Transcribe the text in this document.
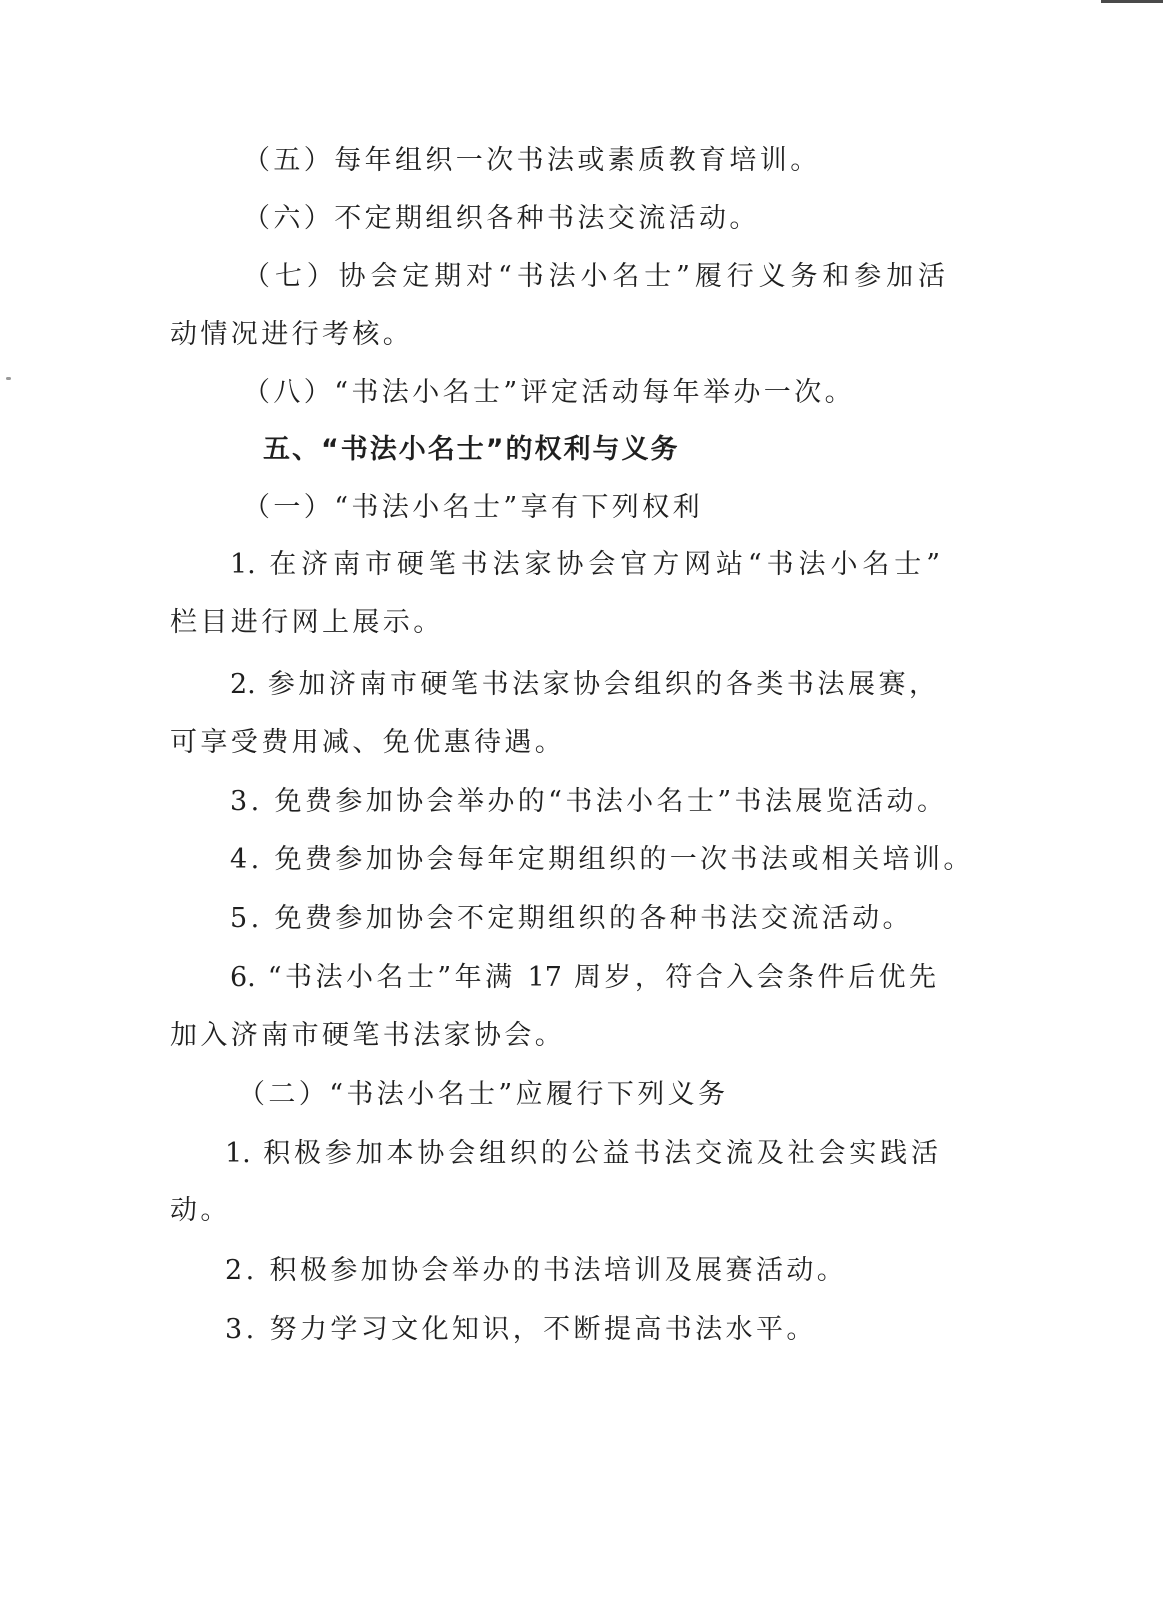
（五）每年组织一次书法或素质教育培训。
（六）不定期组织各种书法交流活动。
（七）协会定期对“书法小名士”履行义务和参加活
动情况进行考核。
（八）“书法小名士”评定活动每年举办一次。
五、“书法小名士”的权利与义务
（一）“书法小名士”享有下列权利
1. 在济南市硬笔书法家协会官方网站“书法小名士”
栏目进行网上展示。
2. 参加济南市硬笔书法家协会组织的各类书法展赛，
可享受费用减、免优惠待遇。
3. 免费参加协会举办的“书法小名士”书法展览活动。
4. 免费参加协会每年定期组织的一次书法或相关培训。
5. 免费参加协会不定期组织的各种书法交流活动。
6. “书法小名士”年满 17 周岁，符合入会条件后优先
加入济南市硬笔书法家协会。
（二）“书法小名士”应履行下列义务
1. 积极参加本协会组织的公益书法交流及社会实践活
动。
2. 积极参加协会举办的书法培训及展赛活动。
3. 努力学习文化知识，不断提高书法水平。
